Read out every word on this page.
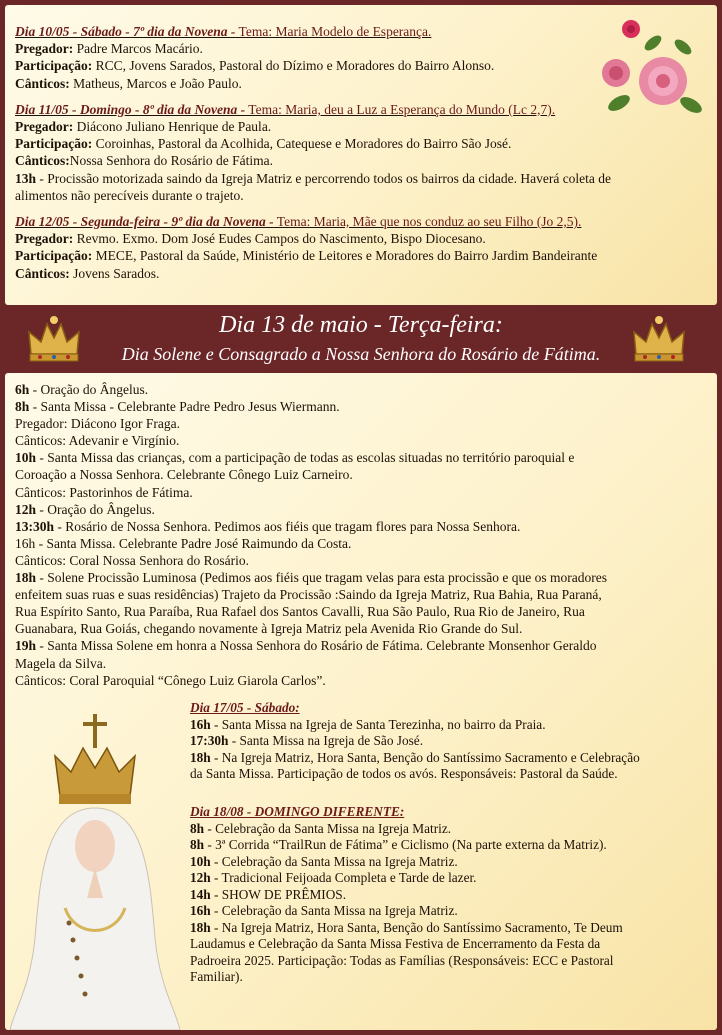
Dia 10/05 - Sábado - 7º dia da Novena - Tema: Maria Modelo de Esperança.
Pregador: Padre Marcos Macário.
Participação: RCC, Jovens Sarados, Pastoral do Dízimo e Moradores do Bairro Alonso.
Cânticos: Matheus, Marcos e João Paulo.
Dia 11/05 - Domingo - 8º dia da Novena - Tema: Maria, deu a Luz a Esperança do Mundo (Lc 2,7).
Pregador: Diácono Juliano Henrique de Paula.
Participação: Coroinhas, Pastoral da Acolhida, Catequese e Moradores do Bairro São José.
Cânticos:Nossa Senhora do Rosário de Fátima.
13h - Procissão motorizada saindo da Igreja Matriz e percorrendo todos os bairros da cidade. Haverá coleta de
alimentos não perecíveis durante o trajeto.
Dia 12/05 - Segunda-feira - 9º dia da Novena - Tema: Maria, Mãe que nos conduz ao seu Filho (Jo 2,5).
Pregador: Revmo. Exmo. Dom José Eudes Campos do Nascimento, Bispo Diocesano.
Participação: MECE, Pastoral da Saúde, Ministério de Leitores e Moradores do Bairro Jardim Bandeirante
Cânticos: Jovens Sarados.
Dia 13 de maio - Terça-feira:
Dia Solene e Consagrado a Nossa Senhora do Rosário de Fátima.
6h - Oração do Ângelus.
8h - Santa Missa - Celebrante Padre Pedro Jesus Wiermann.
Pregador: Diácono Igor Fraga.
Cânticos: Adevanir e Virgínio.
10h - Santa Missa das crianças, com a participação de todas as escolas situadas no território paroquial e
Coroação a Nossa Senhora. Celebrante Cônego Luiz Carneiro.
Cânticos: Pastorinhos de Fátima.
12h - Oração do Ângelus.
13:30h - Rosário de Nossa Senhora. Pedimos aos fiéis que tragam flores para Nossa Senhora.
16h - Santa Missa. Celebrante Padre José Raimundo da Costa.
Cânticos: Coral Nossa Senhora do Rosário.
18h - Solene Procissão Luminosa (Pedimos aos fiéis que tragam velas para esta procissão e que os moradores
enfeitem suas ruas e suas residências) Trajeto da Procissão :Saindo da Igreja Matriz, Rua Bahia, Rua Paraná,
Rua Espírito Santo, Rua Paraíba, Rua Rafael dos Santos Cavalli, Rua São Paulo, Rua Rio de Janeiro, Rua
Guanabara, Rua Goiás, chegando novamente à Igreja Matriz pela Avenida Rio Grande do Sul.
19h - Santa Missa Solene em honra a Nossa Senhora do Rosário de Fátima. Celebrante Monsenhor Geraldo
Magela da Silva.
Cânticos: Coral Paroquial “Cônego Luiz Giarola Carlos”.
Dia 17/05 - Sábado:
16h - Santa Missa na Igreja de Santa Terezinha, no bairro da Praia.
17:30h - Santa Missa na Igreja de São José.
18h - Na Igreja Matriz, Hora Santa, Benção do Santíssimo Sacramento e Celebração
da Santa Missa. Participação de todos os avós. Responsáveis: Pastoral da Saúde.
Dia 18/08 - DOMINGO DIFERENTE:
8h - Celebração da Santa Missa na Igreja Matriz.
8h - 3ª Corrida “TrailRun de Fátima” e Ciclismo (Na parte externa da Matriz).
10h - Celebração da Santa Missa na Igreja Matriz.
12h - Tradicional Feijoada Completa e Tarde de lazer.
14h - SHOW DE PRÊMIOS.
16h - Celebração da Santa Missa na Igreja Matriz.
18h - Na Igreja Matriz, Hora Santa, Benção do Santíssimo Sacramento, Te Deum
Laudamus e Celebração da Santa Missa Festiva de Encerramento da Festa da
Padroeira 2025. Participação: Todas as Famílias (Responsáveis: ECC e Pastoral
Familiar).
